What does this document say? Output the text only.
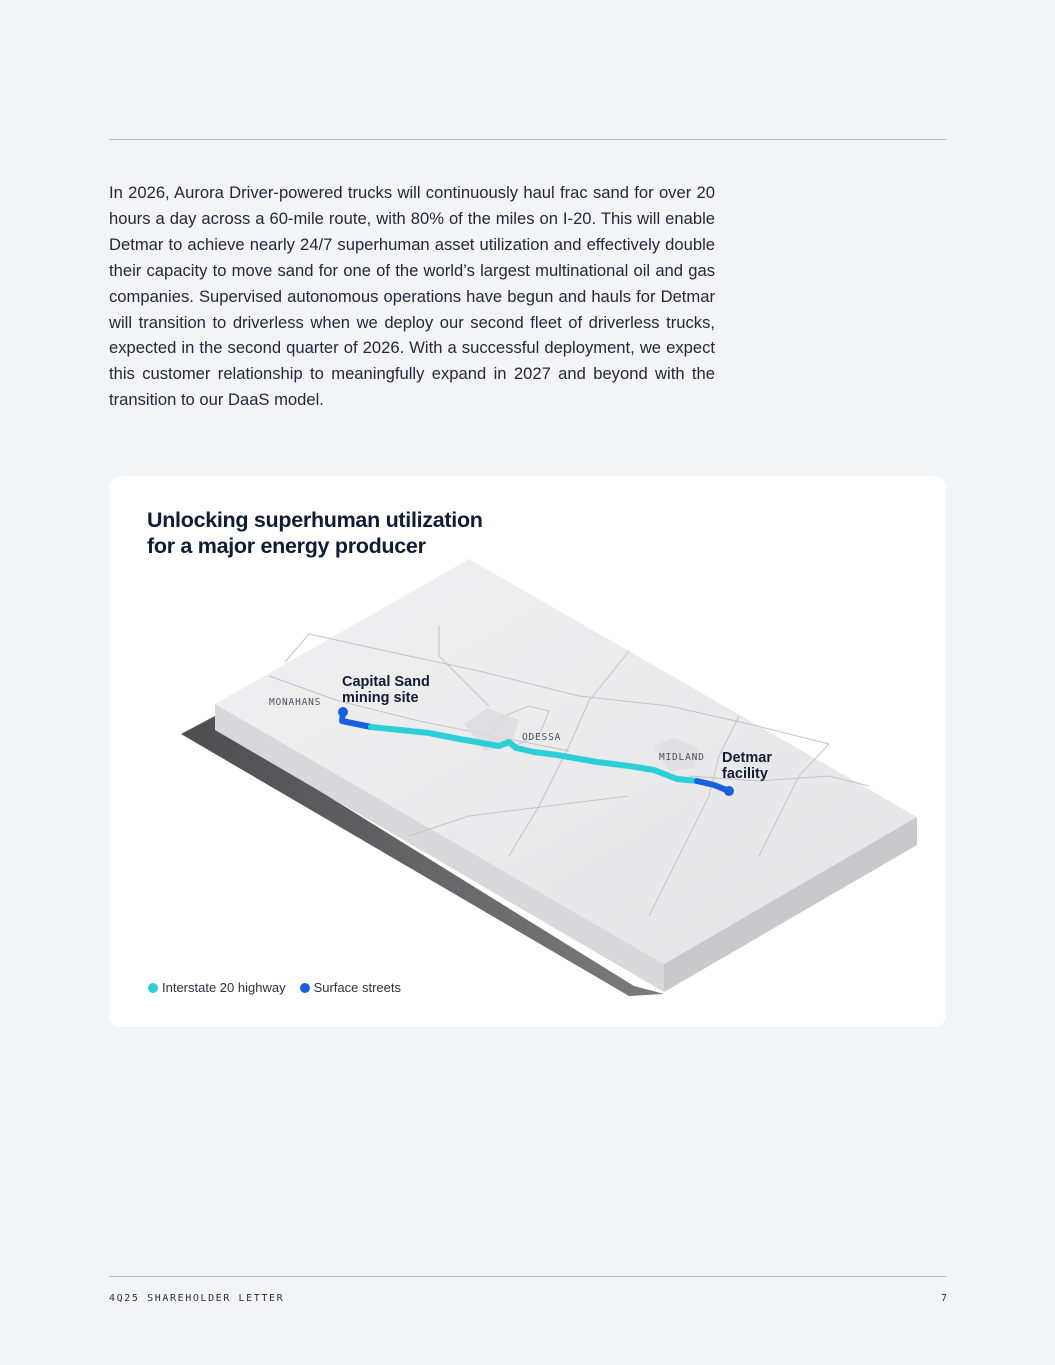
In 2026, Aurora Driver-powered trucks will continuously haul frac sand for over 20 hours a day across a 60-mile route, with 80% of the miles on I-20. This will enable Detmar to achieve nearly 24/7 superhuman asset utilization and effectively double their capacity to move sand for one of the world’s largest multinational oil and gas companies. Supervised autonomous operations have begun and hauls for Detmar will transition to driverless when we deploy our second fleet of driverless trucks, expected in the second quarter of 2026. With a successful deployment, we expect this customer relationship to meaningfully expand in 2027 and beyond with the transition to our DaaS model.

MONAHANS
ODESSA
MIDLAND
Capital Sand
mining site
Detmar
facility
Unlocking superhuman utilization
for a major energy producer
Interstate 20 highway Surface streets
4Q25 SHAREHOLDER LETTER	7
